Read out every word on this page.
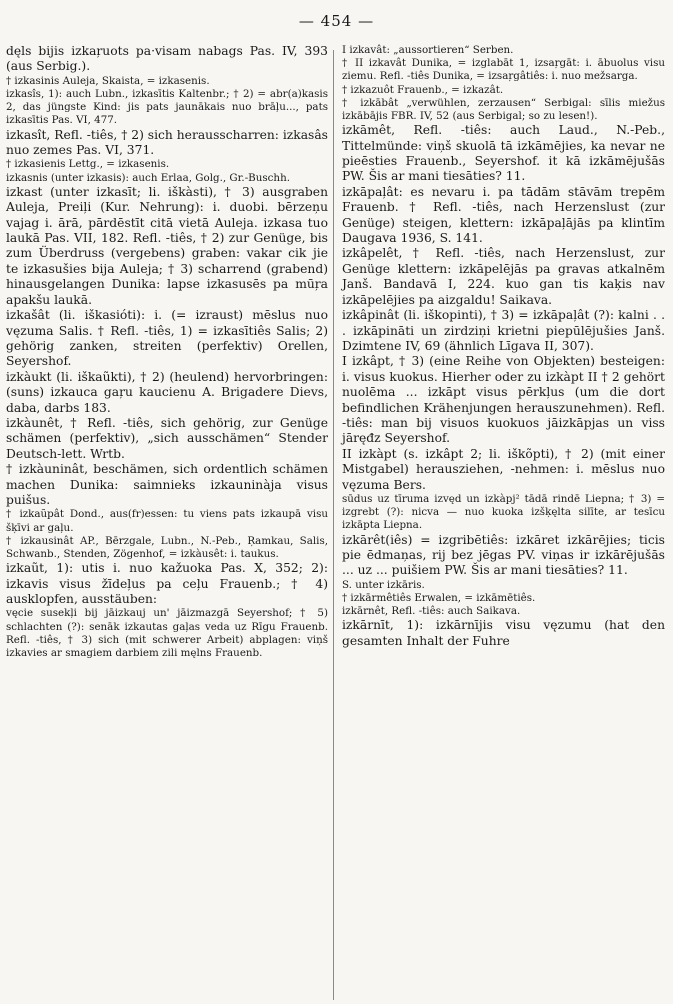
— 454 —

dęls bijis izkaŗuots pa·visam nabags Pas. IV, 393 (aus Serbig.).

† izkasinis Auleja, Skaista, = izkasenis.

izkasîs, 1): auch Lubn., izkasītis Kaltenbr.; † 2) = abr(a)kasis 2, das jüngste Kind: jis pats jaunākais nuo brāļu..., pats izkasītis Pas. VI, 477.

izkasît, Refl. -tiês, † 2) sich herausscharren: izkasâs nuo zemes Pas. VI, 371.

† izkasienis Lettg., = izkasenis.

izkasnis (unter izkasis): auch Erlaa, Golg., Gr.-Buschh.

izkast (unter izkasīt; li. iškàsti), † 3) ausgraben Auleja, Preiļi (Kur. Nehrung): i. duobi. bērzeņu vajag i. ārā, pārdēstīt citā vietā Auleja. izkasa tuo laukā Pas. VII, 182. Refl. -tiês, † 2) zur Genüge, bis zum Überdruss (vergebens) graben: vakar cik jie te izkasušies bija Auleja; † 3) scharrend (grabend) hinausgelangen Dunika: lapse izkasusēs pa mūŗa apakšu laukā.

izkašât (li. iškasióti): i. (= izraust) mēslus nuo vęzuma Salis. † Refl. -tiês, 1) = izkasītiês Salis; 2) gehörig zanken, streiten (perfektiv) Orellen, Seyershof.

izkàukt (li. iškaũkti), † 2) (heulend) hervorbringen: (suns) izkauca gaŗu kaucienu A. Brigadere Dievs, daba, darbs 183.

izkàunêt, † Refl. -tiês, sich gehörig, zur Genüge schämen (perfektiv), „sich ausschämen“ Stender Deutsch-lett. Wrtb.

† izkàuninât, beschämen, sich ordentlich schämen machen Dunika: saimnieks izkauninàja visus puišus.

† izkaũpât Dond., aus(fr)essen: tu viens pats izkaupā visu šķīvi ar gaļu.

† izkausinât AP., Bērzgale, Lubn., N.-Peb., Ŗamkau, Salis, Schwanb., Stenden, Zögenhof, = izkàusêt: i. taukus.

izkaũt, 1): utis i. nuo kažuoka Pas. X, 352; 2): izkavis visus žīdeļus pa ceļu Frauenb.; † 4) ausklopfen, ausstäuben:

vęcie susekļi bij jāizkauj un' jāizmazgā Seyershof; † 5) schlachten (?): senāk izkautas gaļas veda uz Rīgu Frauenb. Refl. -tiês, † 3) sich (mit schwerer Arbeit) abplagen: viņš izkavies ar smagiem darbiem zili męlns Frauenb.

I izkavât: „aussortieren“ Serben.

† II izkavât Dunika, = izglabāt 1, izsaŗgāt: i. ābuolus visu ziemu. Refl. -tiês Dunika, = izsaŗgâtiês: i. nuo mežsarga.

† izkazuôt Frauenb., = izkazât.

† izkābât „verwühlen, zerzausen“ Serbigal: sīlis miežus izkābājis FBR. IV, 52 (aus Serbigal; so zu lesen!).

izkāmêt, Refl. -tiês: auch Laud., N.-Peb., Tittelmünde: viņš skuolā tā izkāmējies, ka nevar ne pieēsties Frauenb., Seyershof. it kā izkāmējušās PW. Šis ar mani tiesāties? 11.

izkāpaļât: es nevaru i. pa tādām stāvām trepēm Frauenb. † Refl. -tiês, nach Herzenslust (zur Genüge) steigen, klettern: izkāpaļājās pa klintīm Daugava 1936, S. 141.

izkâpelêt, † Refl. -tiês, nach Herzenslust, zur Genüge klettern: izkāpelējās pa gravas atkalnēm Janš. Bandavā I, 224. kuo gan tis kaķis nav izkāpelējies pa aizgaldu! Saikava.

izkâpinât (li. iškopinti), † 3) = izkāpaļât (?): kalni . . . izkāpināti un zirdziņi krietni piepūlējušies Janš. Dzimtene IV, 69 (ähnlich Līgava II, 307).

I izkâpt, † 3) (eine Reihe von Objekten) besteigen: i. visus kuokus. Hierher oder zu izkàpt II † 2 gehört nuolēma ... izkāpt visus pērkļus (um die dort befindlichen Krähenjungen herauszunehmen). Refl. -tiês: man bij visuos kuokuos jāizkāpjas un viss jāręđz Seyershof.

II izkàpt (s. izkâpt 2; li. iškõpti), † 2) (mit einer Mistgabel) herausziehen, -nehmen: i. mēslus nuo vęzuma Bers.

sūdus uz tīruma izvęd un izkàpj² tādā rindē Liepna; † 3) = izgrebt (?): nicva — nuo kuoka izšķęlta silīte, ar tesīcu izkāpta Liepna.

izkārêt(iês) = izgribētiês: izkāret izkārējies; ticis pie ēdmaņas, rij bez jēgas PV. viņas ir izkārējušās ... uz ... puišiem PW. Šis ar mani tiesāties? 11.

S. unter izkāris.

† izkārmêtiês Erwalen, = izkāmētiês.

izkārnêt, Refl. -tiês: auch Saikava.

izkārnīt, 1): izkārnījis visu vęzumu (hat den gesamten Inhalt der Fuhre
